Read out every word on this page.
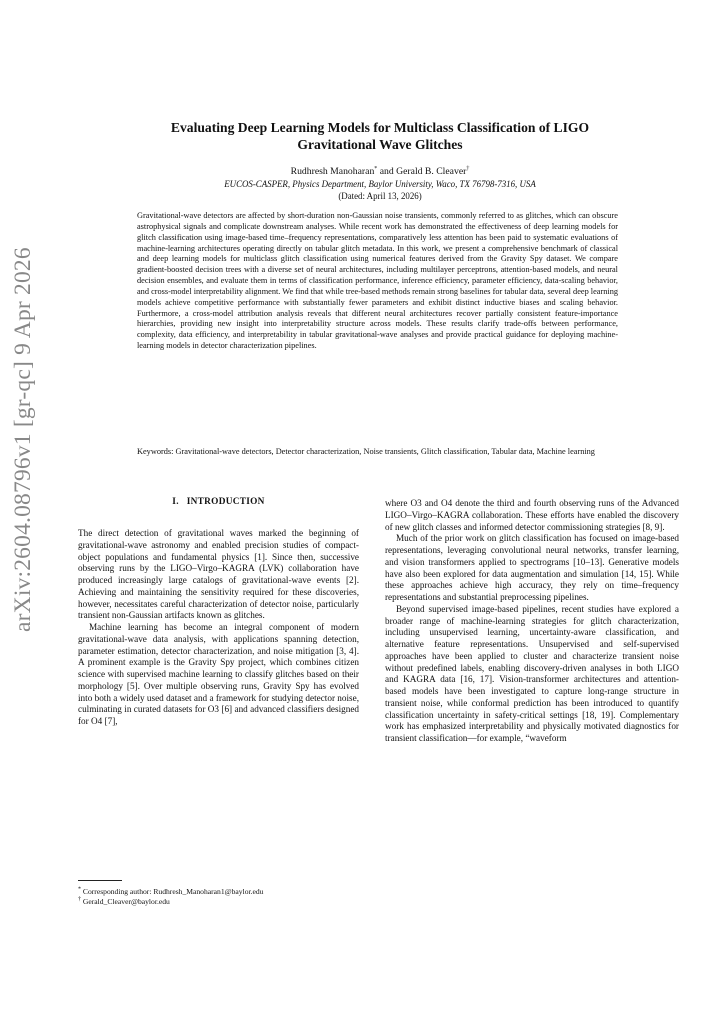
arXiv:2604.08796v1 [gr-qc] 9 Apr 2026
Evaluating Deep Learning Models for Multiclass Classification of LIGO
Gravitational Wave Glitches
Rudhresh Manoharan* and Gerald B. Cleaver†
EUCOS-CASPER, Physics Department, Baylor University, Waco, TX 76798-7316, USA
(Dated: April 13, 2026)
Gravitational-wave detectors are affected by short-duration non-Gaussian noise transients, commonly referred to as glitches, which can obscure astrophysical signals and complicate downstream analyses. While recent work has demonstrated the effectiveness of deep learning models for glitch classification using image-based time–frequency representations, comparatively less attention has been paid to systematic evaluations of machine-learning architectures operating directly on tabular glitch metadata. In this work, we present a comprehensive benchmark of classical and deep learning models for multiclass glitch classification using numerical features derived from the Gravity Spy dataset. We compare gradient-boosted decision trees with a diverse set of neural architectures, including multilayer perceptrons, attention-based models, and neural decision ensembles, and evaluate them in terms of classification performance, inference efficiency, parameter efficiency, data-scaling behavior, and cross-model interpretability alignment. We find that while tree-based methods remain strong baselines for tabular data, several deep learning models achieve competitive performance with substantially fewer parameters and exhibit distinct inductive biases and scaling behavior. Furthermore, a cross-model attribution analysis reveals that different neural architectures recover partially consistent feature-importance hierarchies, providing new insight into interpretability structure across models. These results clarify trade-offs between performance, complexity, data efficiency, and interpretability in tabular gravitational-wave analyses and provide practical guidance for deploying machine-learning models in detector characterization pipelines.
Keywords: Gravitational-wave detectors, Detector characterization, Noise transients, Glitch classification, Tabular data, Machine learning
I.   INTRODUCTION

The direct detection of gravitational waves marked the beginning of gravitational-wave astronomy and enabled precision studies of compact-object populations and fundamental physics [1]. Since then, successive observing runs by the LIGO–Virgo–KAGRA (LVK) collaboration have produced increasingly large catalogs of gravitational-wave events [2]. Achieving and maintaining the sensitivity required for these discoveries, however, necessitates careful characterization of detector noise, particularly transient non-Gaussian artifacts known as glitches.

Machine learning has become an integral component of modern gravitational-wave data analysis, with applications spanning detection, parameter estimation, detector characterization, and noise mitigation [3, 4]. A prominent example is the Gravity Spy project, which combines citizen science with supervised machine learning to classify glitches based on their morphology [5]. Over multiple observing runs, Gravity Spy has evolved into both a widely used dataset and a framework for studying detector noise, culminating in curated datasets for O3 [6] and advanced classifiers designed for O4 [7],

where O3 and O4 denote the third and fourth observing runs of the Advanced LIGO–Virgo–KAGRA collaboration. These efforts have enabled the discovery of new glitch classes and informed detector commissioning strategies [8, 9].

Much of the prior work on glitch classification has focused on image-based representations, leveraging convolutional neural networks, transfer learning, and vision transformers applied to spectrograms [10–13]. Generative models have also been explored for data augmentation and simulation [14, 15]. While these approaches achieve high accuracy, they rely on time–frequency representations and substantial preprocessing pipelines.

Beyond supervised image-based pipelines, recent studies have explored a broader range of machine-learning strategies for glitch characterization, including unsupervised learning, uncertainty-aware classification, and alternative feature representations. Unsupervised and self-supervised approaches have been applied to cluster and characterize transient noise without predefined labels, enabling discovery-driven analyses in both LIGO and KAGRA data [16, 17]. Vision-transformer architectures and attention-based models have been investigated to capture long-range structure in transient noise, while conformal prediction has been introduced to quantify classification uncertainty in safety-critical settings [18, 19]. Complementary work has emphasized interpretability and physically motivated diagnostics for transient classification—for example, “waveform

* Corresponding author: Rudhresh_Manoharan1@baylor.edu
† Gerald_Cleaver@baylor.edu
